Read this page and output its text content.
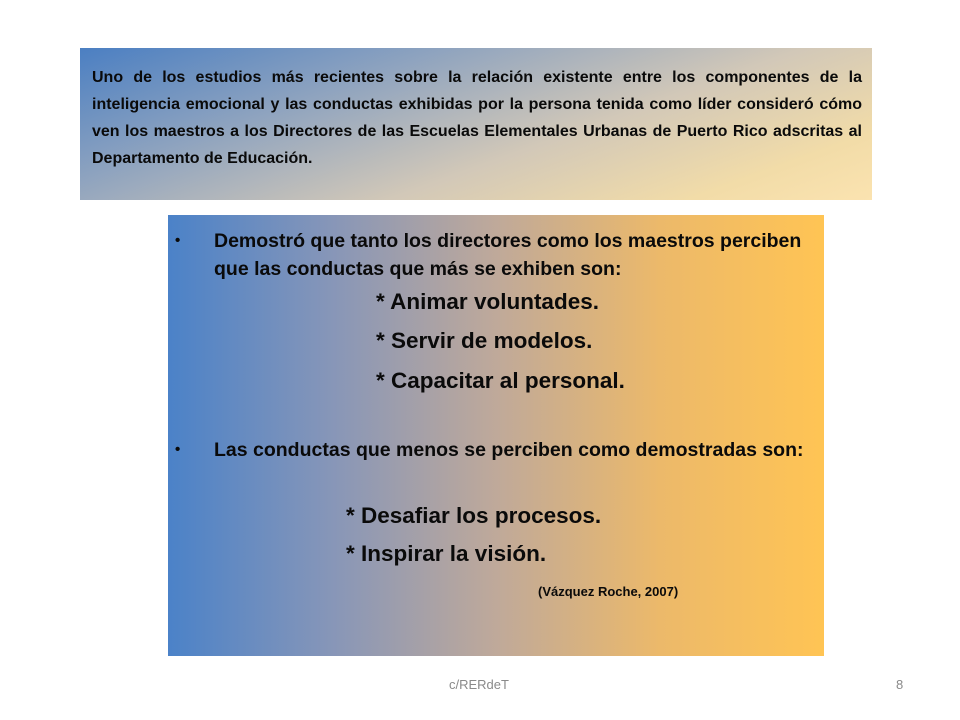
Uno de los estudios más recientes sobre la relación existente entre los componentes de la inteligencia emocional y las conductas exhibidas por la persona tenida como líder consideró cómo ven los maestros a los Directores de las Escuelas Elementales Urbanas de Puerto Rico adscritas al Departamento de Educación.

• Demostró que tanto los directores como los maestros perciben que las conductas que más se exhiben son:
* Animar voluntades.
* Servir de modelos.
* Capacitar al personal.
• Las conductas que menos se perciben como demostradas son:
* Desafiar los procesos.
* Inspirar la visión.
(Vázquez Roche, 2007)
c/RERdeT	8
